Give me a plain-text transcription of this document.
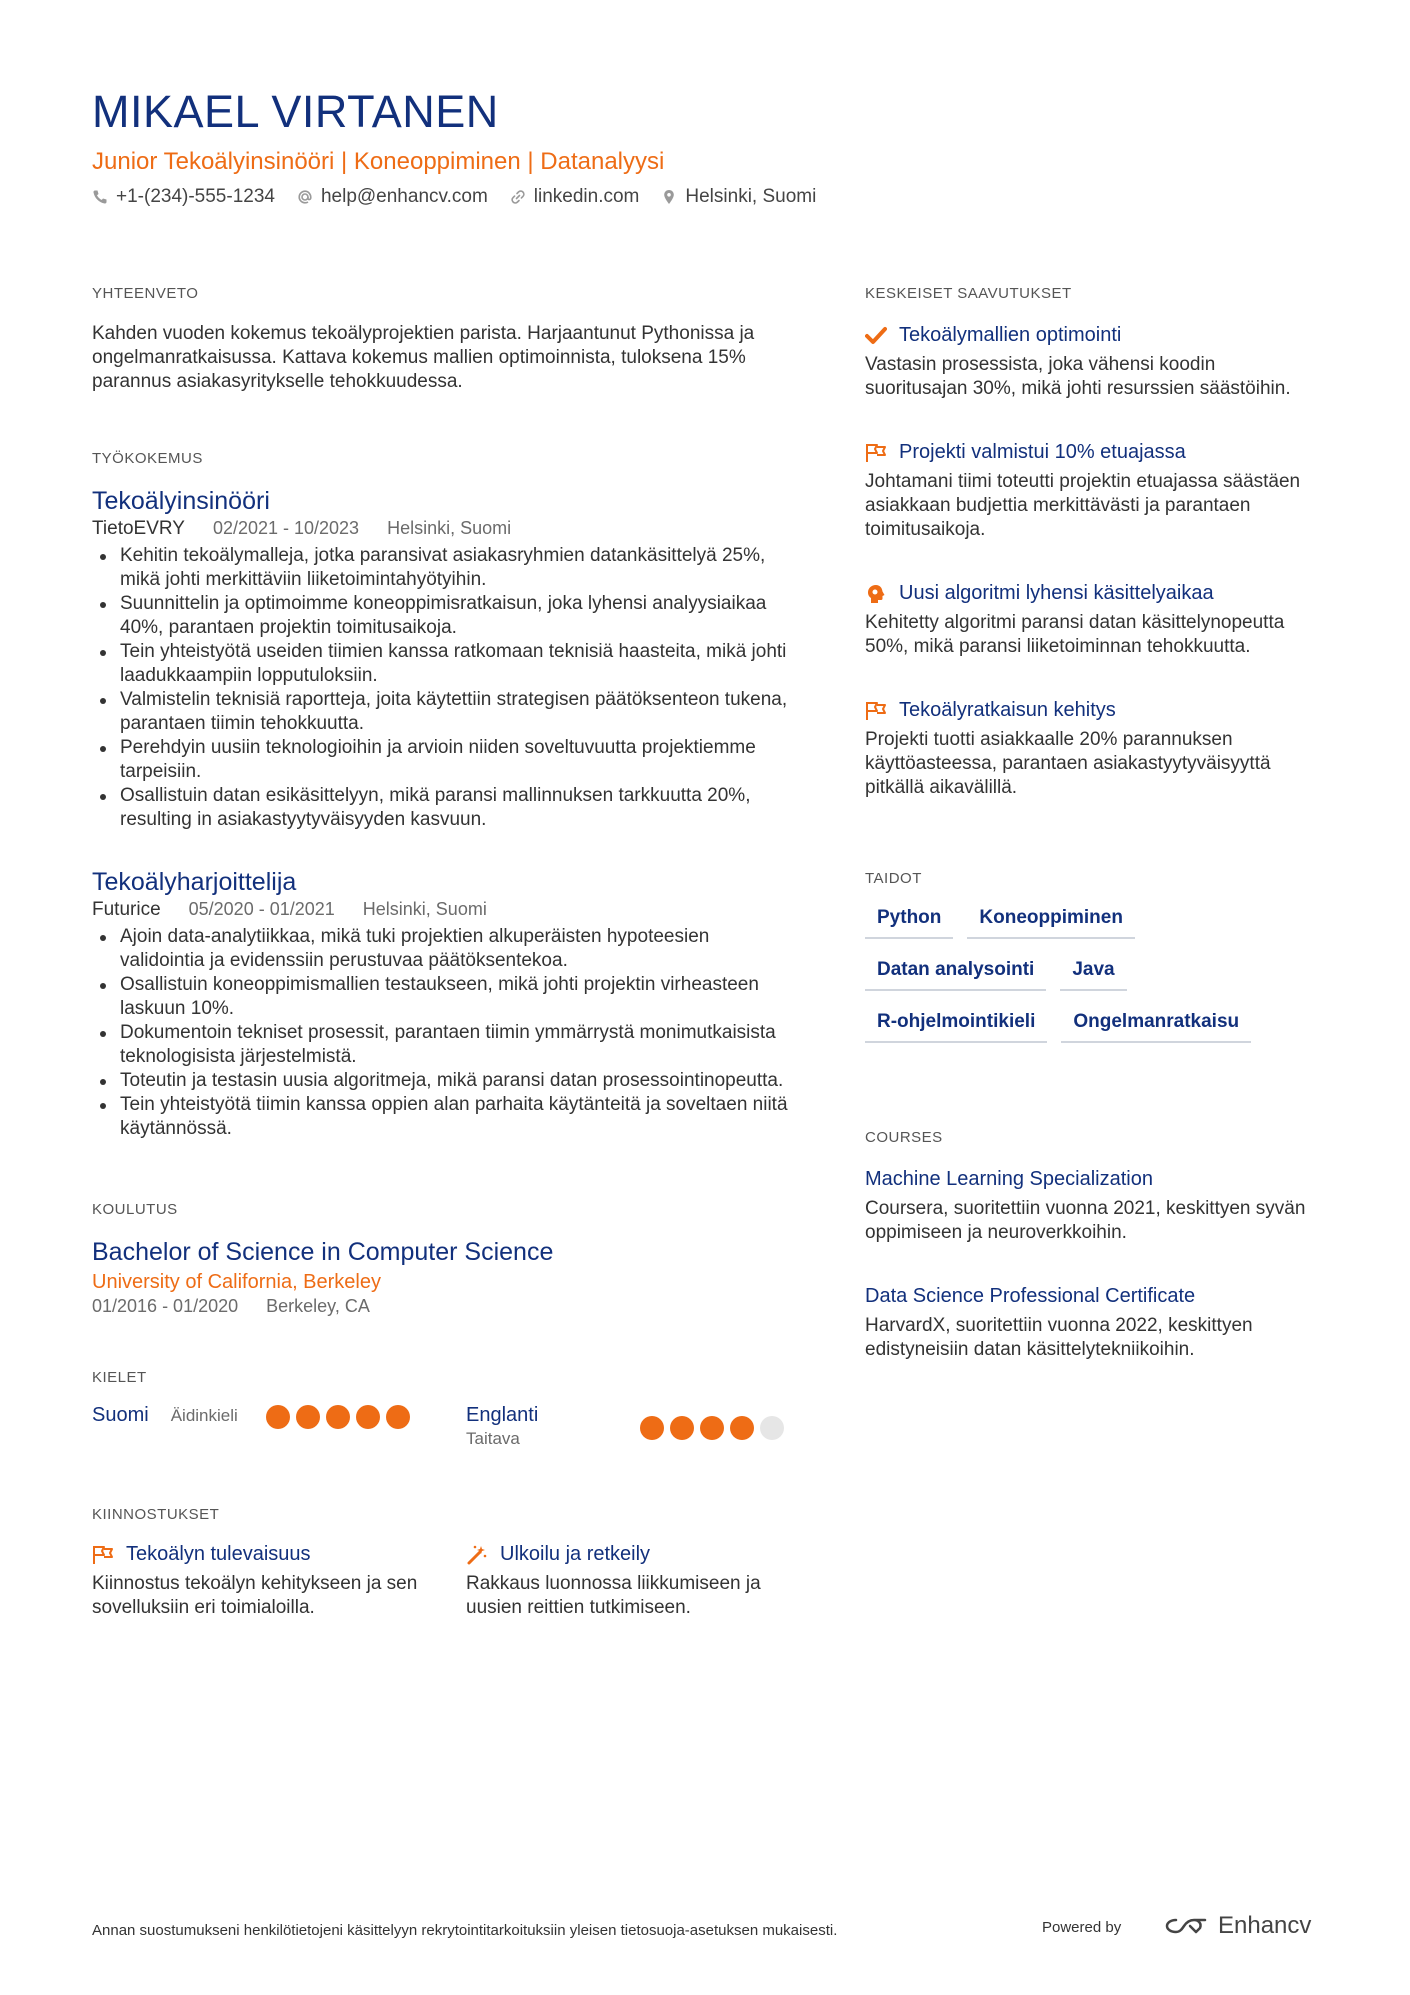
MIKAEL VIRTANEN
Junior Tekoälyinsinööri | Koneoppiminen | Datanalyysi
+1-(234)-555-1234 help@enhancv.com linkedin.com Helsinki, Suomi
YHTEENVETO
Kahden vuoden kokemus tekoälyprojektien parista. Harjaantunut Pythonissa ja ongelmanratkaisussa. Kattava kokemus mallien optimoinnista, tuloksena 15% parannus asiakasyritykselle tehokkuudessa.
TYÖKOKEMUS
Tekoälyinsinööri
TietoEVRY 02/2021 - 10/2023 Helsinki, Suomi
Kehitin tekoälymalleja, jotka paransivat asiakasryhmien datankäsittelyä 25%, mikä johti merkittäviin liiketoimintahyötyihin.
Suunnittelin ja optimoimme koneoppimisratkaisun, joka lyhensi analyysiaikaa 40%, parantaen projektin toimitusaikoja.
Tein yhteistyötä useiden tiimien kanssa ratkomaan teknisiä haasteita, mikä johti laadukkaampiin lopputuloksiin.
Valmistelin teknisiä raportteja, joita käytettiin strategisen päätöksenteon tukena, parantaen tiimin tehokkuutta.
Perehdyin uusiin teknologioihin ja arvioin niiden soveltuvuutta projektiemme tarpeisiin.
Osallistuin datan esikäsittelyyn, mikä paransi mallinnuksen tarkkuutta 20%, resulting in asiakastyytyväisyyden kasvuun.
Tekoälyharjoittelija
Futurice 05/2020 - 01/2021 Helsinki, Suomi
Ajoin data-analytiikkaa, mikä tuki projektien alkuperäisten hypoteesien validointia ja evidenssiin perustuvaa päätöksentekoa.
Osallistuin koneoppimismallien testaukseen, mikä johti projektin virheasteen laskuun 10%.
Dokumentoin tekniset prosessit, parantaen tiimin ymmärrystä monimutkaisista teknologisista järjestelmistä.
Toteutin ja testasin uusia algoritmeja, mikä paransi datan prosessointinopeutta.
Tein yhteistyötä tiimin kanssa oppien alan parhaita käytänteitä ja soveltaen niitä käytännössä.
KOULUTUS
Bachelor of Science in Computer Science
University of California, Berkeley
01/2016 - 01/2020 Berkeley, CA
KIELET
Suomi Äidinkieli	Englanti
Taitava
KIINNOSTUKSET
Tekoälyn tulevaisuus
Kiinnostus tekoälyn kehitykseen ja sen sovelluksiin eri toimialoilla.
Ulkoilu ja retkeily
Rakkaus luonnossa liikkumiseen ja uusien reittien tutkimiseen.
KESKEISET SAAVUTUKSET
Tekoälymallien optimointi
Vastasin prosessista, joka vähensi koodin suoritusajan 30%, mikä johti resurssien säästöihin.
Projekti valmistui 10% etuajassa
Johtamani tiimi toteutti projektin etuajassa säästäen asiakkaan budjettia merkittävästi ja parantaen toimitusaikoja.
Uusi algoritmi lyhensi käsittelyaikaa
Kehitetty algoritmi paransi datan käsittelynopeutta 50%, mikä paransi liiketoiminnan tehokkuutta.
Tekoälyratkaisun kehitys
Projekti tuotti asiakkaalle 20% parannuksen käyttöasteessa, parantaen asiakastyytyväisyyttä pitkällä aikavälillä.
TAIDOT
Python	Koneoppiminen
Datan analysointi	Java
R-ohjelmointikieli	Ongelmanratkaisu
COURSES
Machine Learning Specialization
Coursera, suoritettiin vuonna 2021, keskittyen syvän oppimiseen ja neuroverkkoihin.
Data Science Professional Certificate
HarvardX, suoritettiin vuonna 2022, keskittyen edistyneisiin datan käsittelytekniikoihin.
Annan suostumukseni henkilötietojeni käsittelyyn rekrytointitarkoituksiin yleisen tietosuoja-asetuksen mukaisesti.	Powered by	Enhancv
